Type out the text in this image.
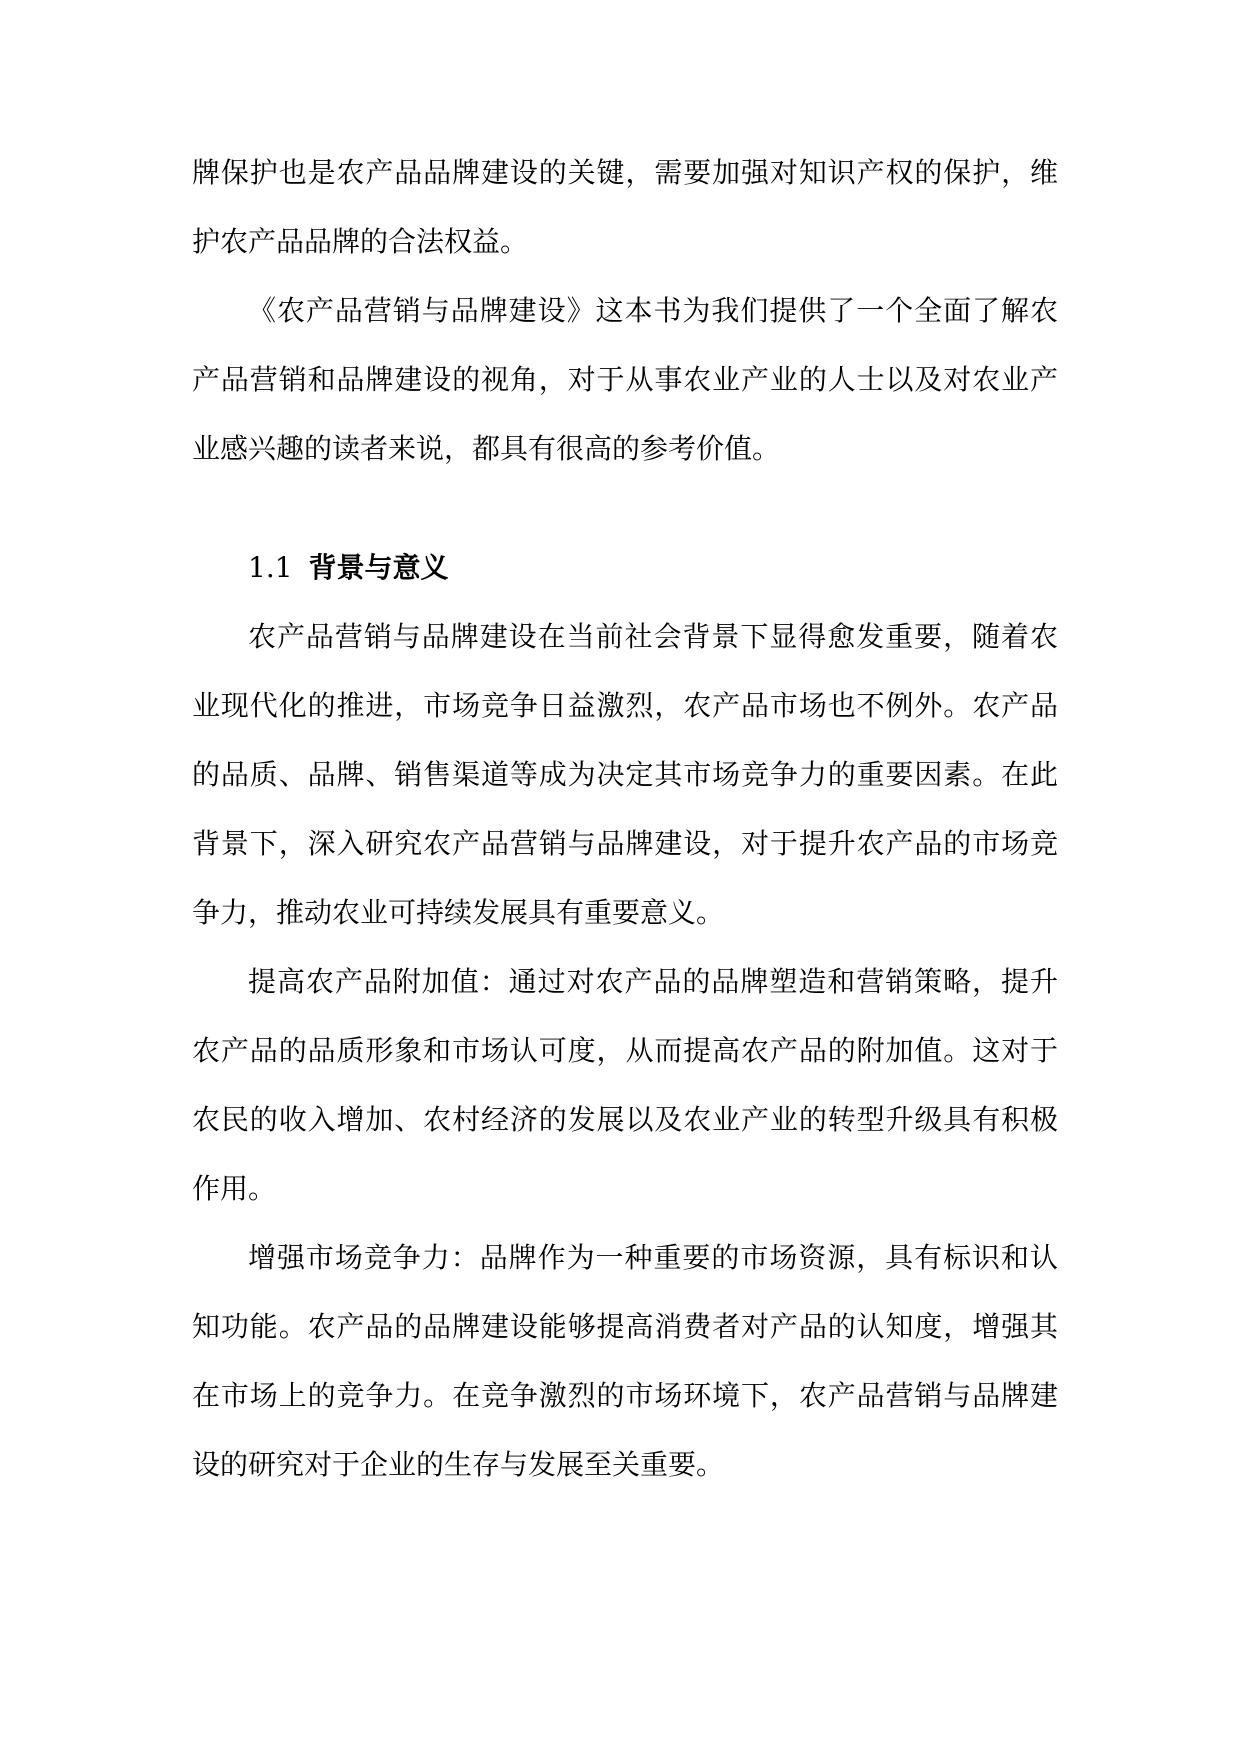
牌保护也是农产品品牌建设的关键，需要加强对知识产权的保护，维护农产品品牌的合法权益。

《农产品营销与品牌建设》这本书为我们提供了一个全面了解农产品营销和品牌建设的视角，对于从事农业产业的人士以及对农业产业感兴趣的读者来说，都具有很高的参考价值。

1.1 背景与意义

农产品营销与品牌建设在当前社会背景下显得愈发重要，随着农业现代化的推进，市场竞争日益激烈，农产品市场也不例外。农产品的品质、品牌、销售渠道等成为决定其市场竞争力的重要因素。在此背景下，深入研究农产品营销与品牌建设，对于提升农产品的市场竞争力，推动农业可持续发展具有重要意义。

提高农产品附加值：通过对农产品的品牌塑造和营销策略，提升农产品的品质形象和市场认可度，从而提高农产品的附加值。这对于农民的收入增加、农村经济的发展以及农业产业的转型升级具有积极作用。

增强市场竞争力：品牌作为一种重要的市场资源，具有标识和认知功能。农产品的品牌建设能够提高消费者对产品的认知度，增强其在市场上的竞争力。在竞争激烈的市场环境下，农产品营销与品牌建设的研究对于企业的生存与发展至关重要。
